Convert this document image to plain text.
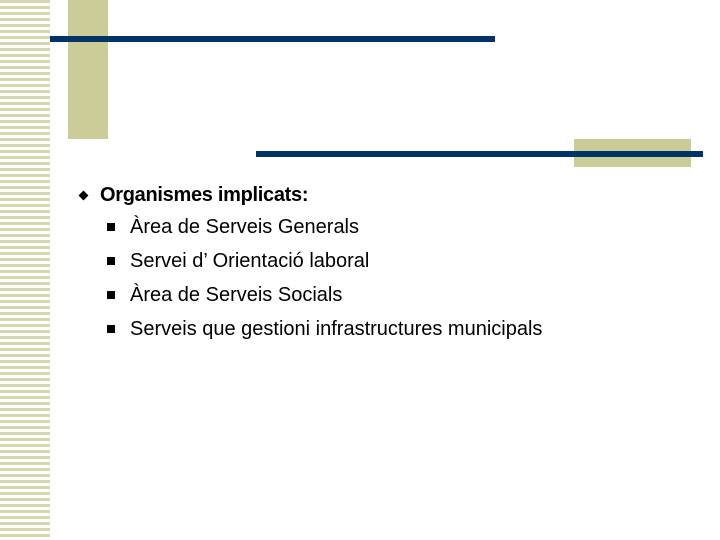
Organismes implicats:
Àrea de Serveis Generals
Servei d’ Orientació laboral
Àrea de Serveis Socials
Serveis que gestioni infrastructures municipals
